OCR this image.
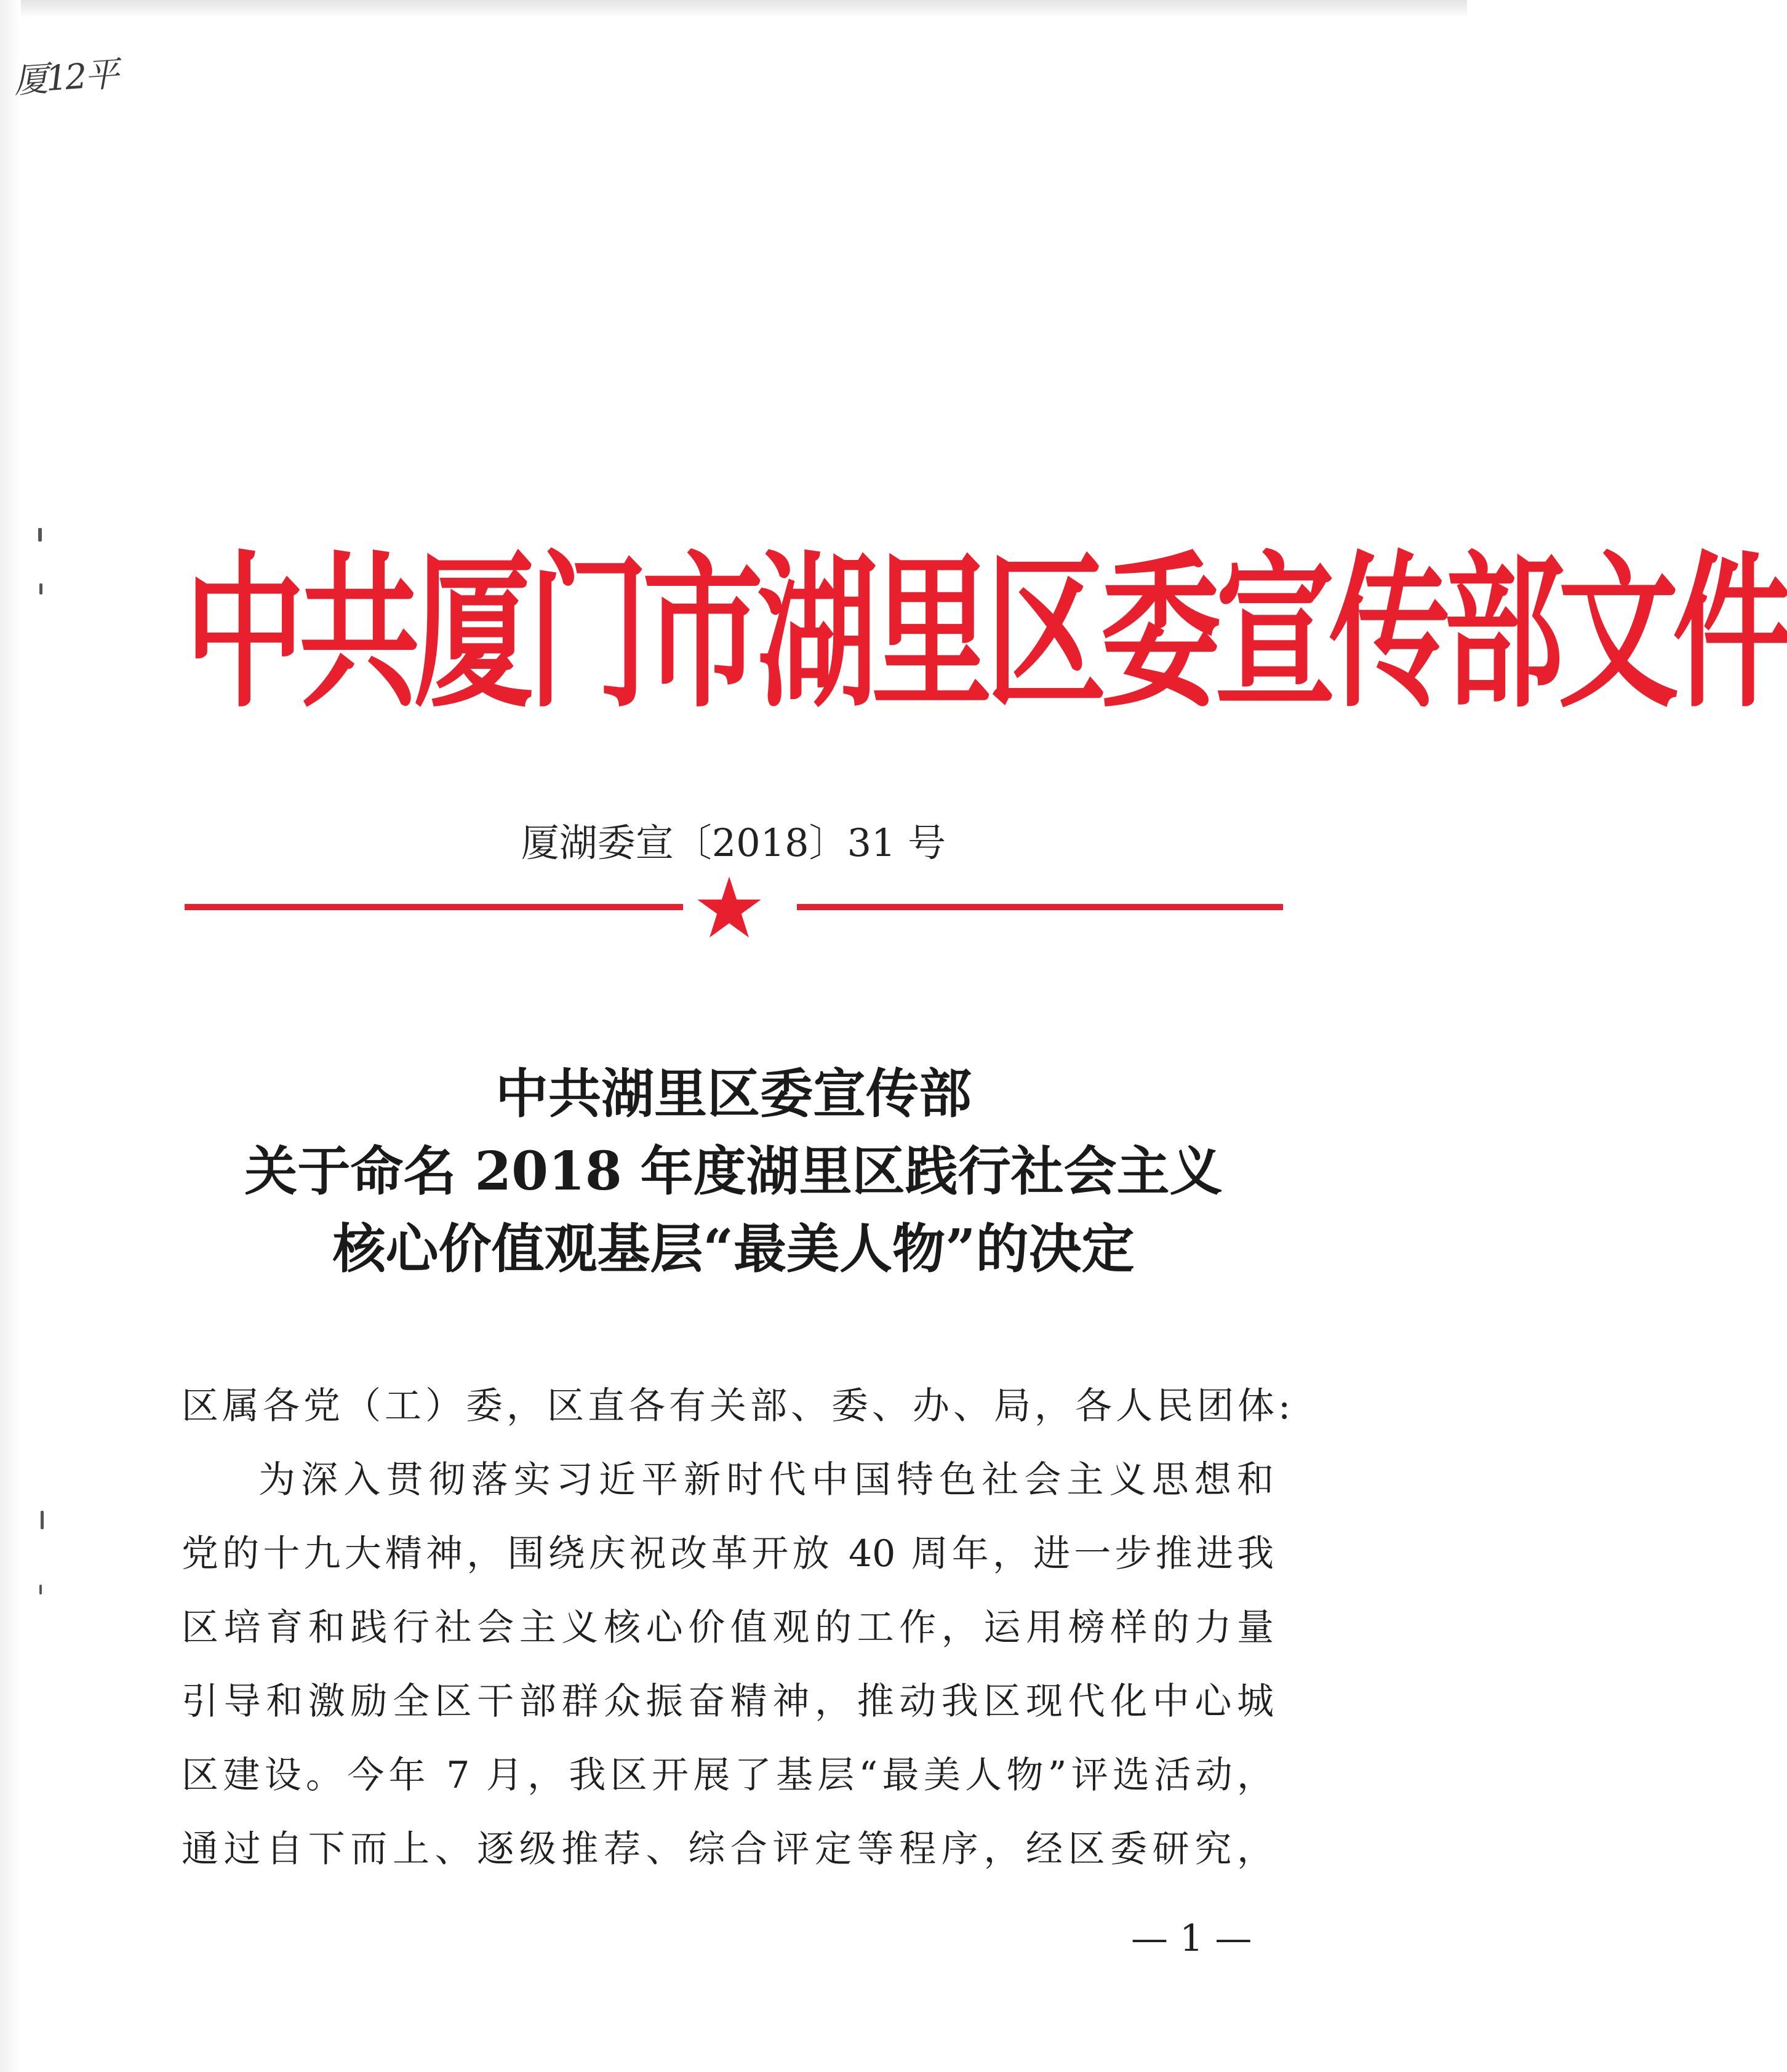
厦12平
中共厦门市湖里区委宣传部文件
厦湖委宣〔2018〕31 号
中共湖里区委宣传部
关于命名 2018 年度湖里区践行社会主义
核心价值观基层“最美人物”的决定
区属各党（工）委，区直各有关部、委、办、局，各人民团体:
为深入贯彻落实习近平新时代中国特色社会主义思想和
党的十九大精神，围绕庆祝改革开放 40 周年，进一步推进我
区培育和践行社会主义核心价值观的工作，运用榜样的力量
引导和激励全区干部群众振奋精神，推动我区现代化中心城
区建设。今年 7 月，我区开展了基层“最美人物”评选活动，
通过自下而上、逐级推荐、综合评定等程序，经区委研究，
— 1 —
